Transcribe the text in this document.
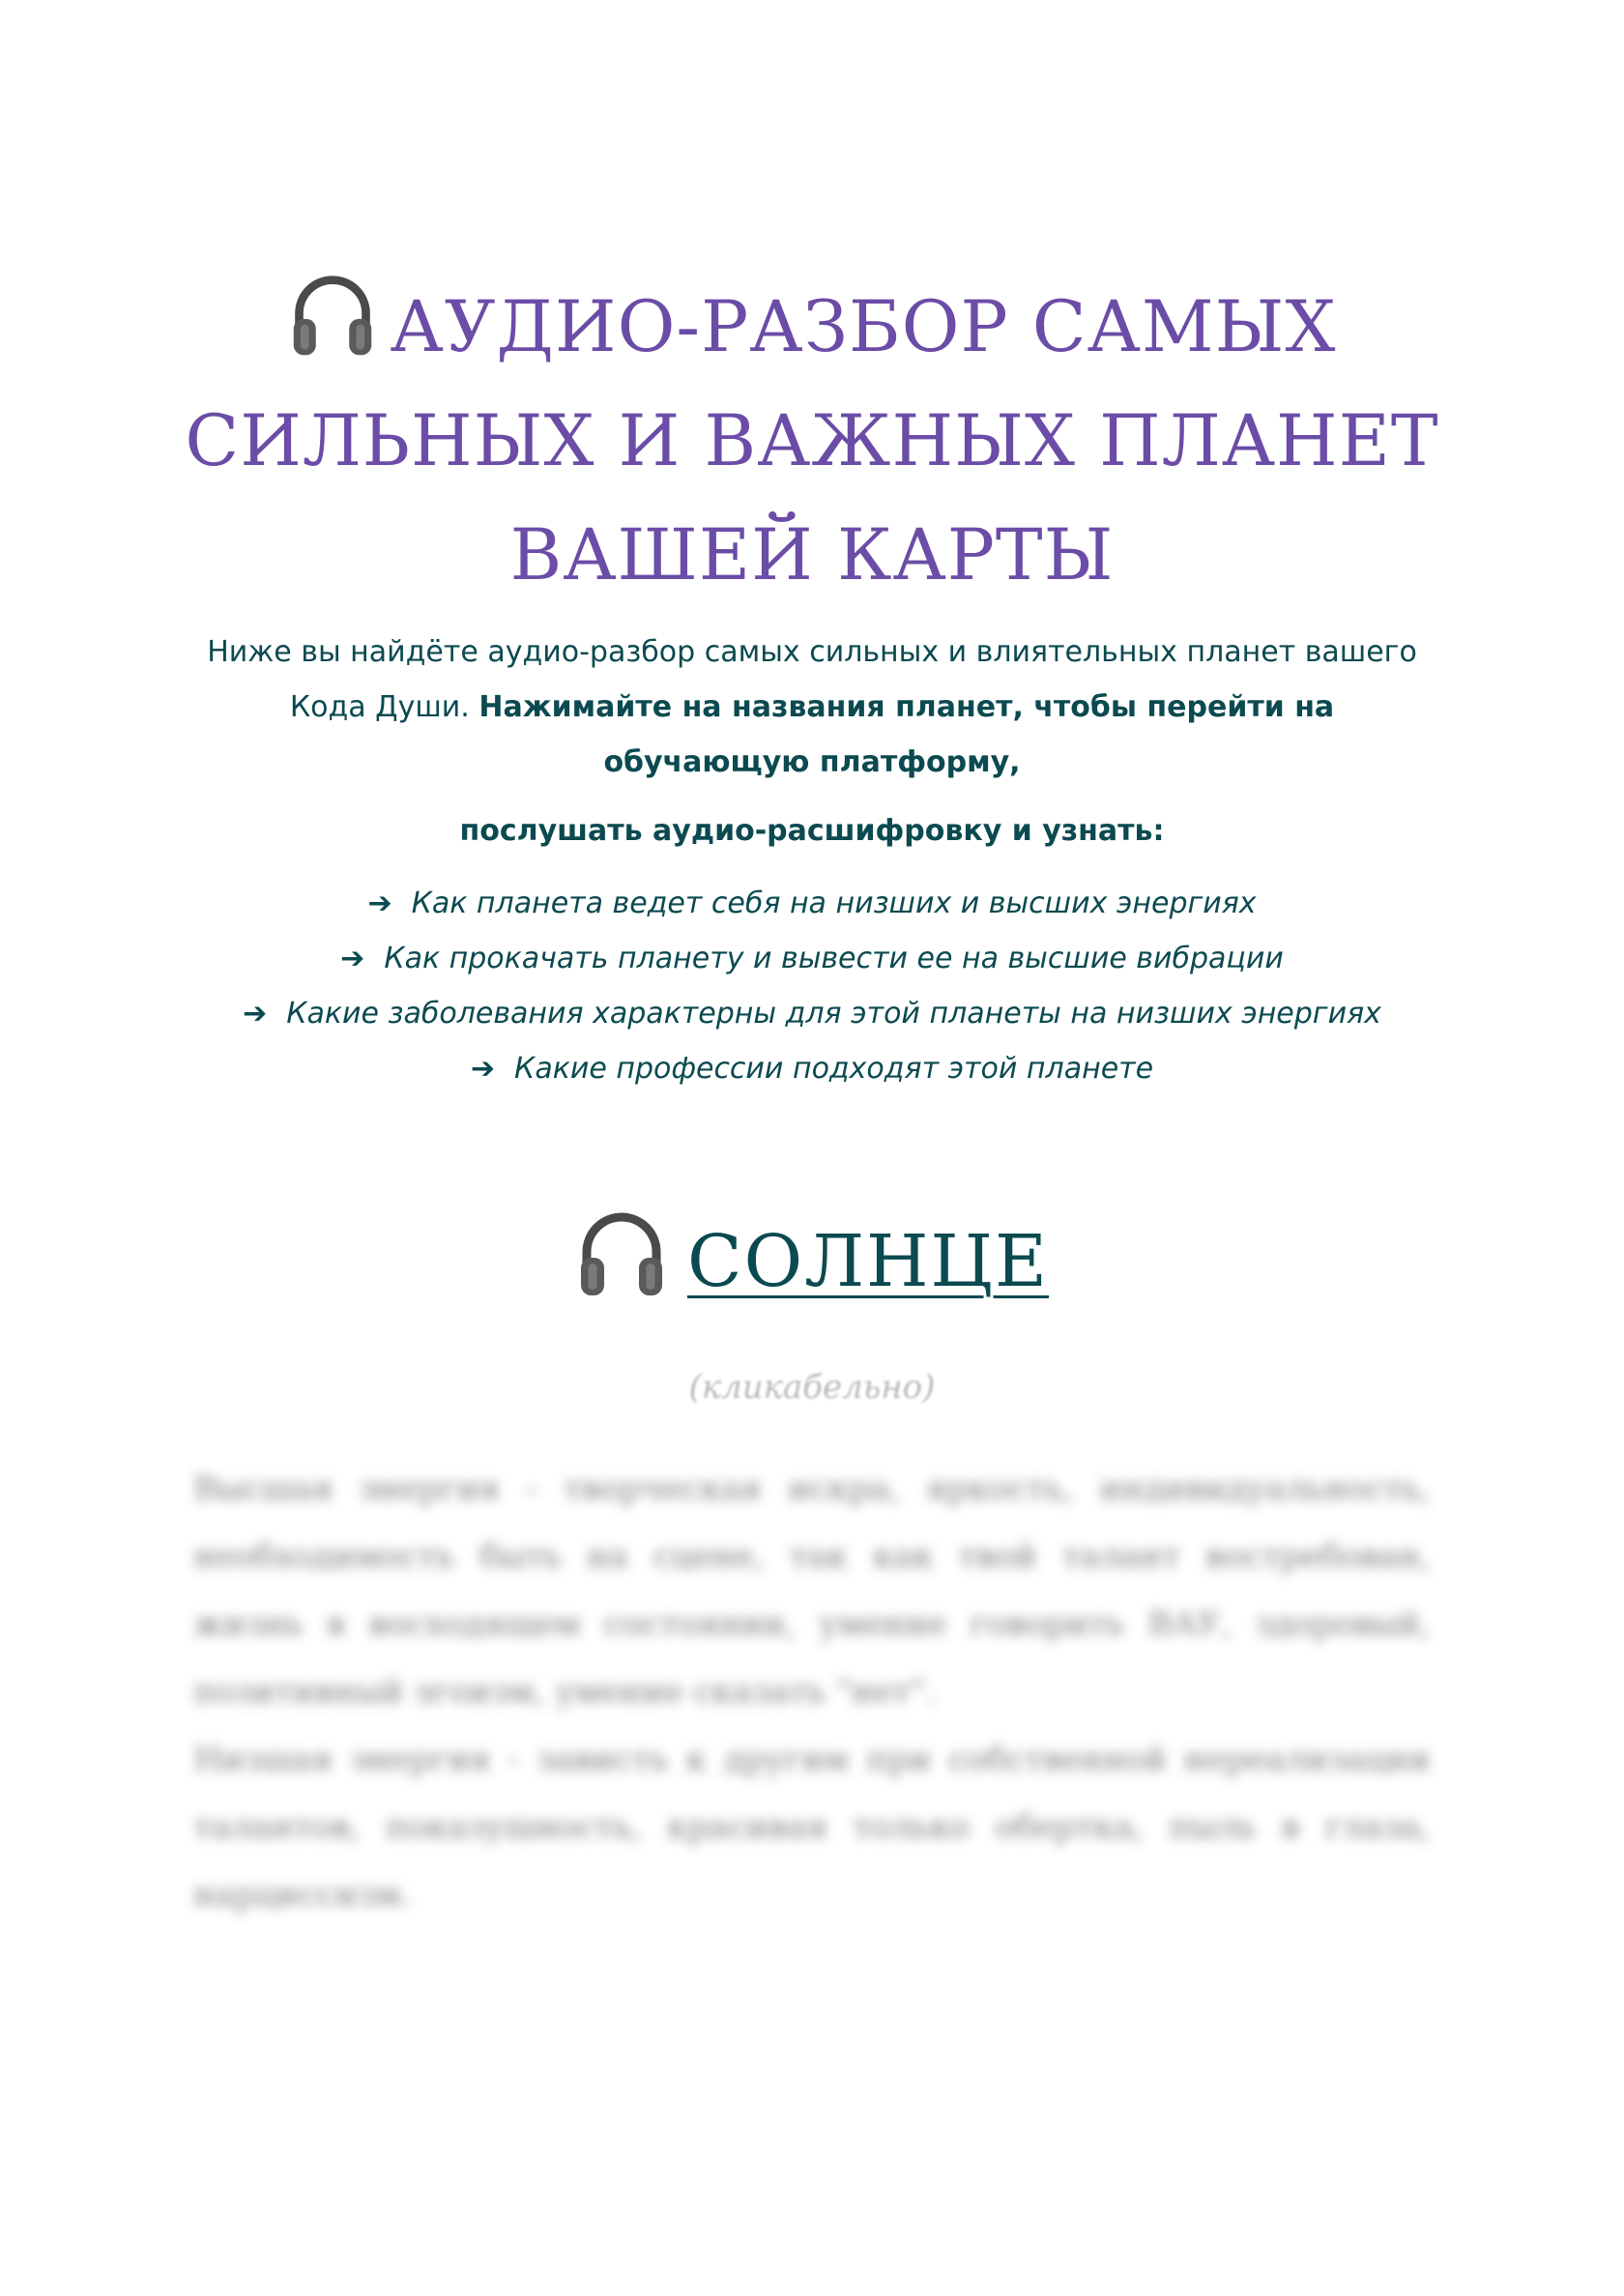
АУДИО-РАЗБОР САМЫХ СИЛЬНЫХ И ВАЖНЫХ ПЛАНЕТ ВАШЕЙ КАРТЫ

Ниже вы найдёте аудио-разбор самых сильных и влиятельных планет вашего Кода Души. Нажимайте на названия планет, чтобы перейти на обучающую платформу,

послушать аудио-расшифровку и узнать:

➔ Как планета ведет себя на низших и высших энергиях
➔ Как прокачать планету и вывести ее на высшие вибрации
➔ Какие заболевания характерны для этой планеты на низших энергиях
➔ Какие профессии подходят этой планете
СОЛНЦЕ

(кликабельно)

Высшая энергия - творческая искра, яркость, индивидуальность, необходимость быть на сцене, так как твой талант востребован, жизнь в восходящем состоянии, умение говорить ВАУ, здоровый, позитивный эгоизм, умение сказать "нет".

Низшая энергия - зависть к другим при собственной нереализации талантов, показушность, красивая только обертка, пыль в глаза, нарциссизм.
